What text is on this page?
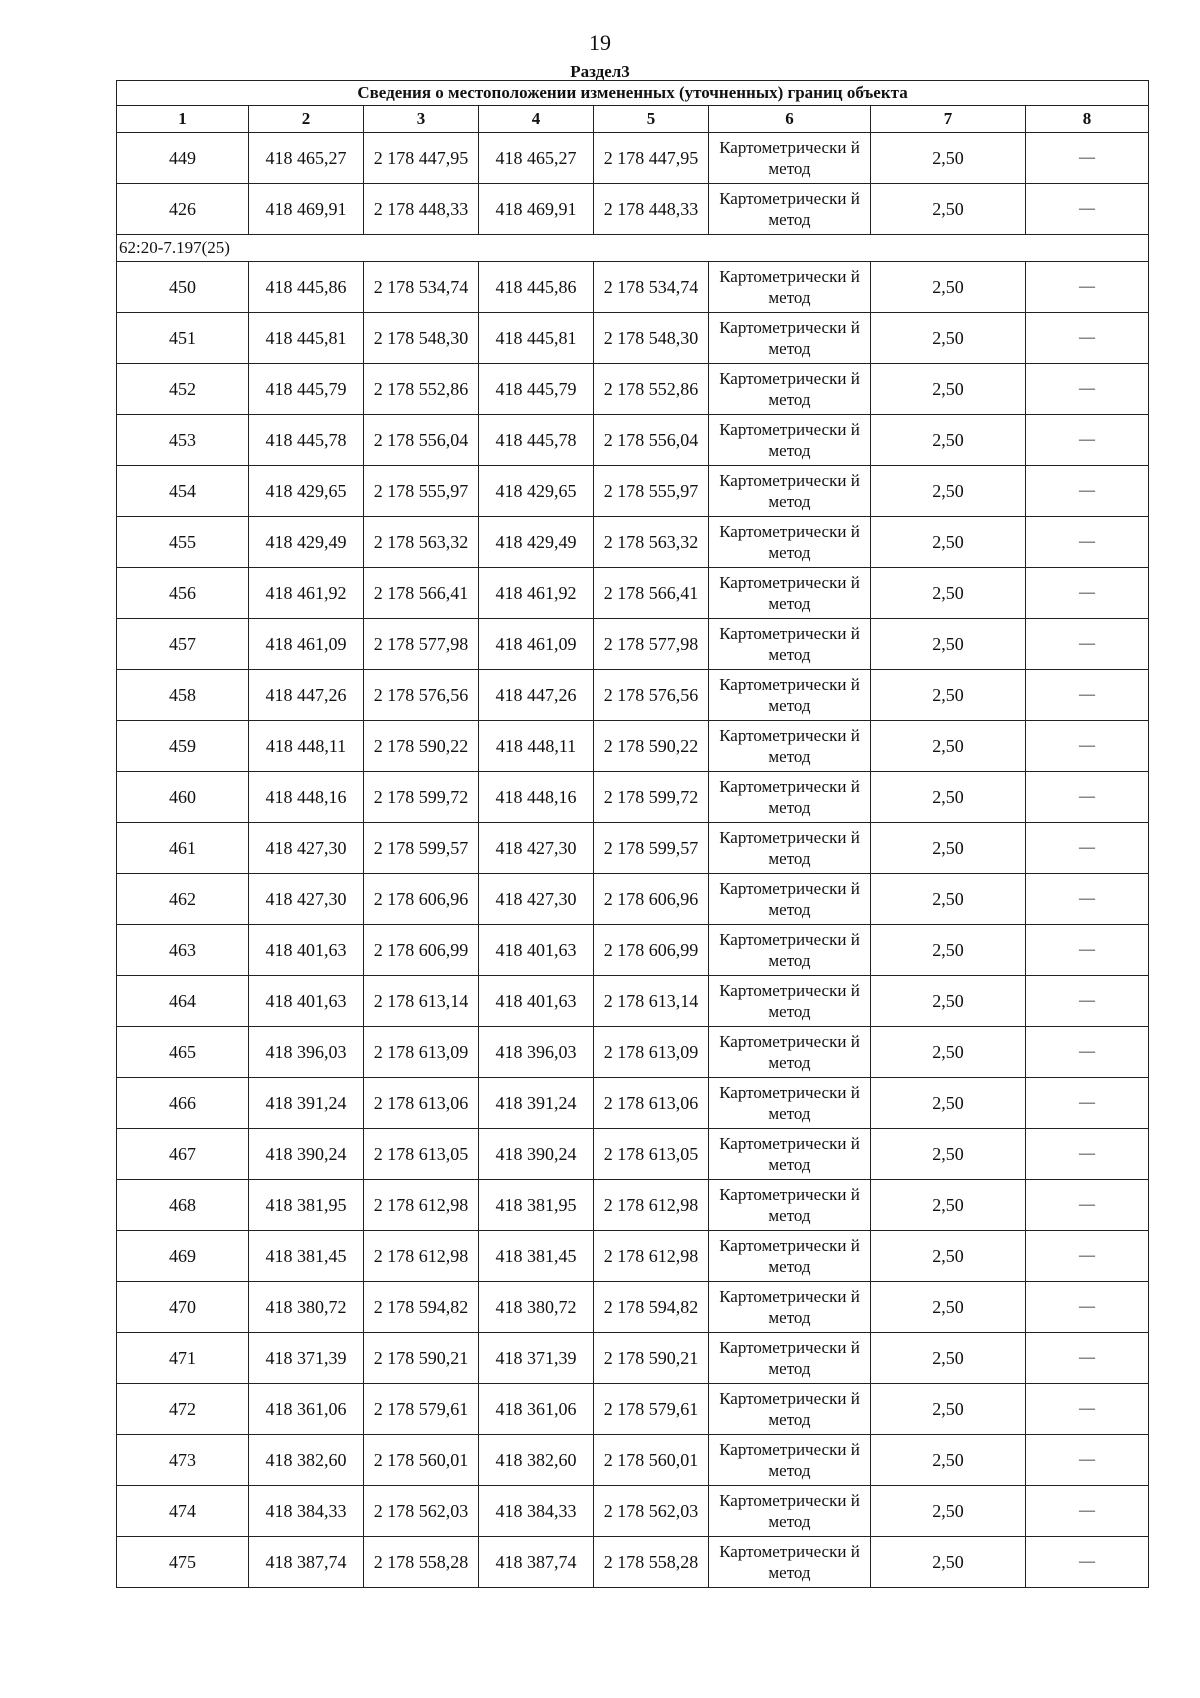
19
Раздел3
Сведения о местоположении измененных (уточненных) границ объекта							
1	2	3	4	5	6	7	8
449	418 465,27	2 178 447,95	418 465,27	2 178 447,95	Картометрически й метод	2,50	—
426	418 469,91	2 178 448,33	418 469,91	2 178 448,33	Картометрически й метод	2,50	—
62:20-7.197(25)							
450	418 445,86	2 178 534,74	418 445,86	2 178 534,74	Картометрически й метод	2,50	—
451	418 445,81	2 178 548,30	418 445,81	2 178 548,30	Картометрически й метод	2,50	—
452	418 445,79	2 178 552,86	418 445,79	2 178 552,86	Картометрически й метод	2,50	—
453	418 445,78	2 178 556,04	418 445,78	2 178 556,04	Картометрически й метод	2,50	—
454	418 429,65	2 178 555,97	418 429,65	2 178 555,97	Картометрически й метод	2,50	—
455	418 429,49	2 178 563,32	418 429,49	2 178 563,32	Картометрически й метод	2,50	—
456	418 461,92	2 178 566,41	418 461,92	2 178 566,41	Картометрически й метод	2,50	—
457	418 461,09	2 178 577,98	418 461,09	2 178 577,98	Картометрически й метод	2,50	—
458	418 447,26	2 178 576,56	418 447,26	2 178 576,56	Картометрически й метод	2,50	—
459	418 448,11	2 178 590,22	418 448,11	2 178 590,22	Картометрически й метод	2,50	—
460	418 448,16	2 178 599,72	418 448,16	2 178 599,72	Картометрически й метод	2,50	—
461	418 427,30	2 178 599,57	418 427,30	2 178 599,57	Картометрически й метод	2,50	—
462	418 427,30	2 178 606,96	418 427,30	2 178 606,96	Картометрически й метод	2,50	—
463	418 401,63	2 178 606,99	418 401,63	2 178 606,99	Картометрически й метод	2,50	—
464	418 401,63	2 178 613,14	418 401,63	2 178 613,14	Картометрически й метод	2,50	—
465	418 396,03	2 178 613,09	418 396,03	2 178 613,09	Картометрически й метод	2,50	—
466	418 391,24	2 178 613,06	418 391,24	2 178 613,06	Картометрически й метод	2,50	—
467	418 390,24	2 178 613,05	418 390,24	2 178 613,05	Картометрически й метод	2,50	—
468	418 381,95	2 178 612,98	418 381,95	2 178 612,98	Картометрически й метод	2,50	—
469	418 381,45	2 178 612,98	418 381,45	2 178 612,98	Картометрически й метод	2,50	—
470	418 380,72	2 178 594,82	418 380,72	2 178 594,82	Картометрически й метод	2,50	—
471	418 371,39	2 178 590,21	418 371,39	2 178 590,21	Картометрически й метод	2,50	—
472	418 361,06	2 178 579,61	418 361,06	2 178 579,61	Картометрически й метод	2,50	—
473	418 382,60	2 178 560,01	418 382,60	2 178 560,01	Картометрически й метод	2,50	—
474	418 384,33	2 178 562,03	418 384,33	2 178 562,03	Картометрически й метод	2,50	—
475	418 387,74	2 178 558,28	418 387,74	2 178 558,28	Картометрически й метод	2,50	—
